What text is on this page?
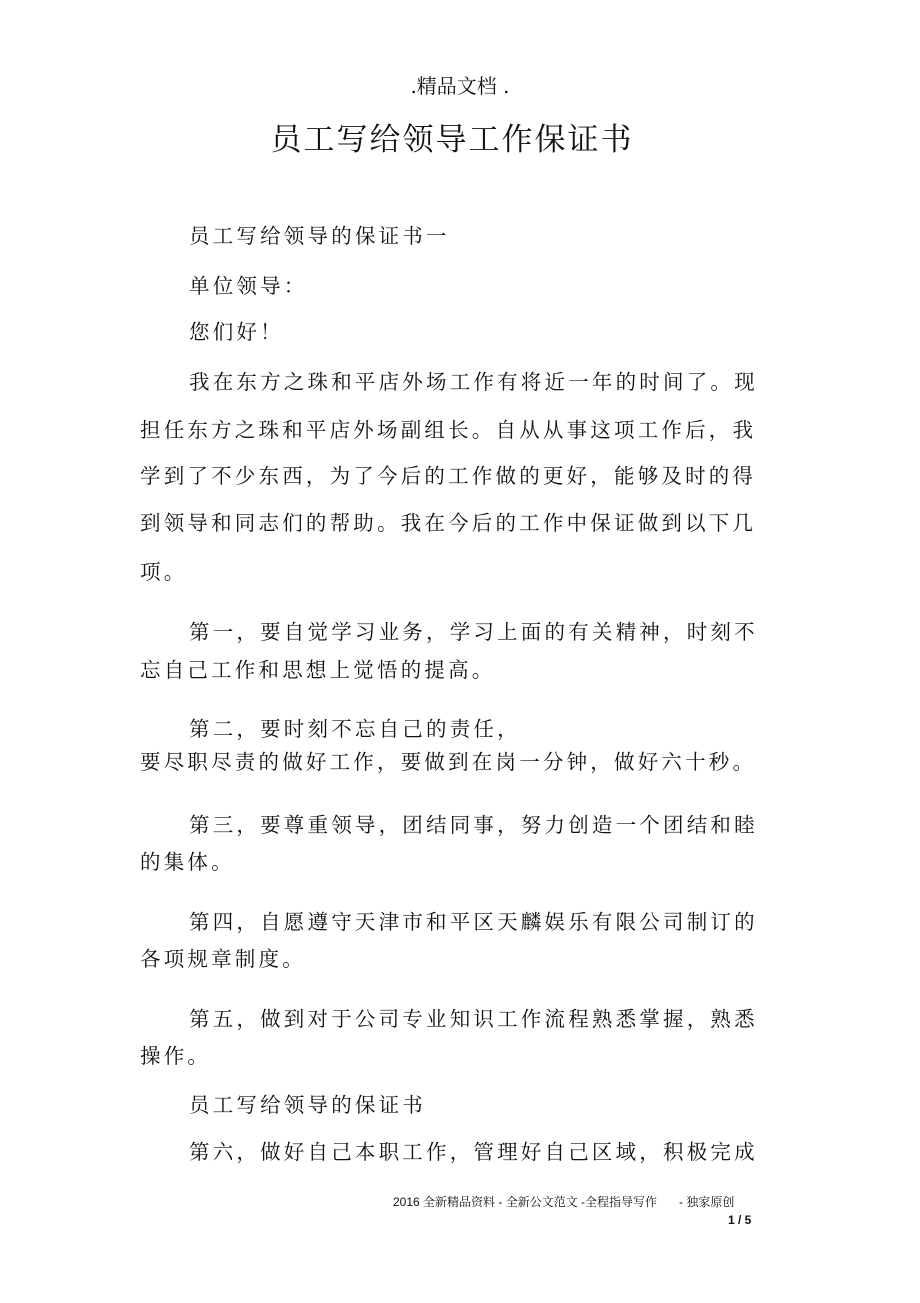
.精品文档 .
员工写给领导工作保证书
员工写给领导的保证书一
单位领导：
您们好！
我在东方之珠和平店外场工作有将近一年的时间了。现
担任东方之珠和平店外场副组长。自从从事这项工作后，我
学到了不少东西，为了今后的工作做的更好，能够及时的得
到领导和同志们的帮助。我在今后的工作中保证做到以下几
项。
第一，要自觉学习业务，学习上面的有关精神，时刻不
忘自己工作和思想上觉悟的提高。
第二，要时刻不忘自己的责任，
要尽职尽责的做好工作，要做到在岗一分钟，做好六十秒。
第三，要尊重领导，团结同事，努力创造一个团结和睦
的集体。
第四，自愿遵守天津市和平区天麟娱乐有限公司制订的
各项规章制度。
第五，做到对于公司专业知识工作流程熟悉掌握，熟悉
操作。
员工写给领导的保证书
第六，做好自己本职工作，管理好自己区域，积极完成
2016 全新精品资料 - 全新公文范文 -全程指导写作 - 独家原创
1 / 5
